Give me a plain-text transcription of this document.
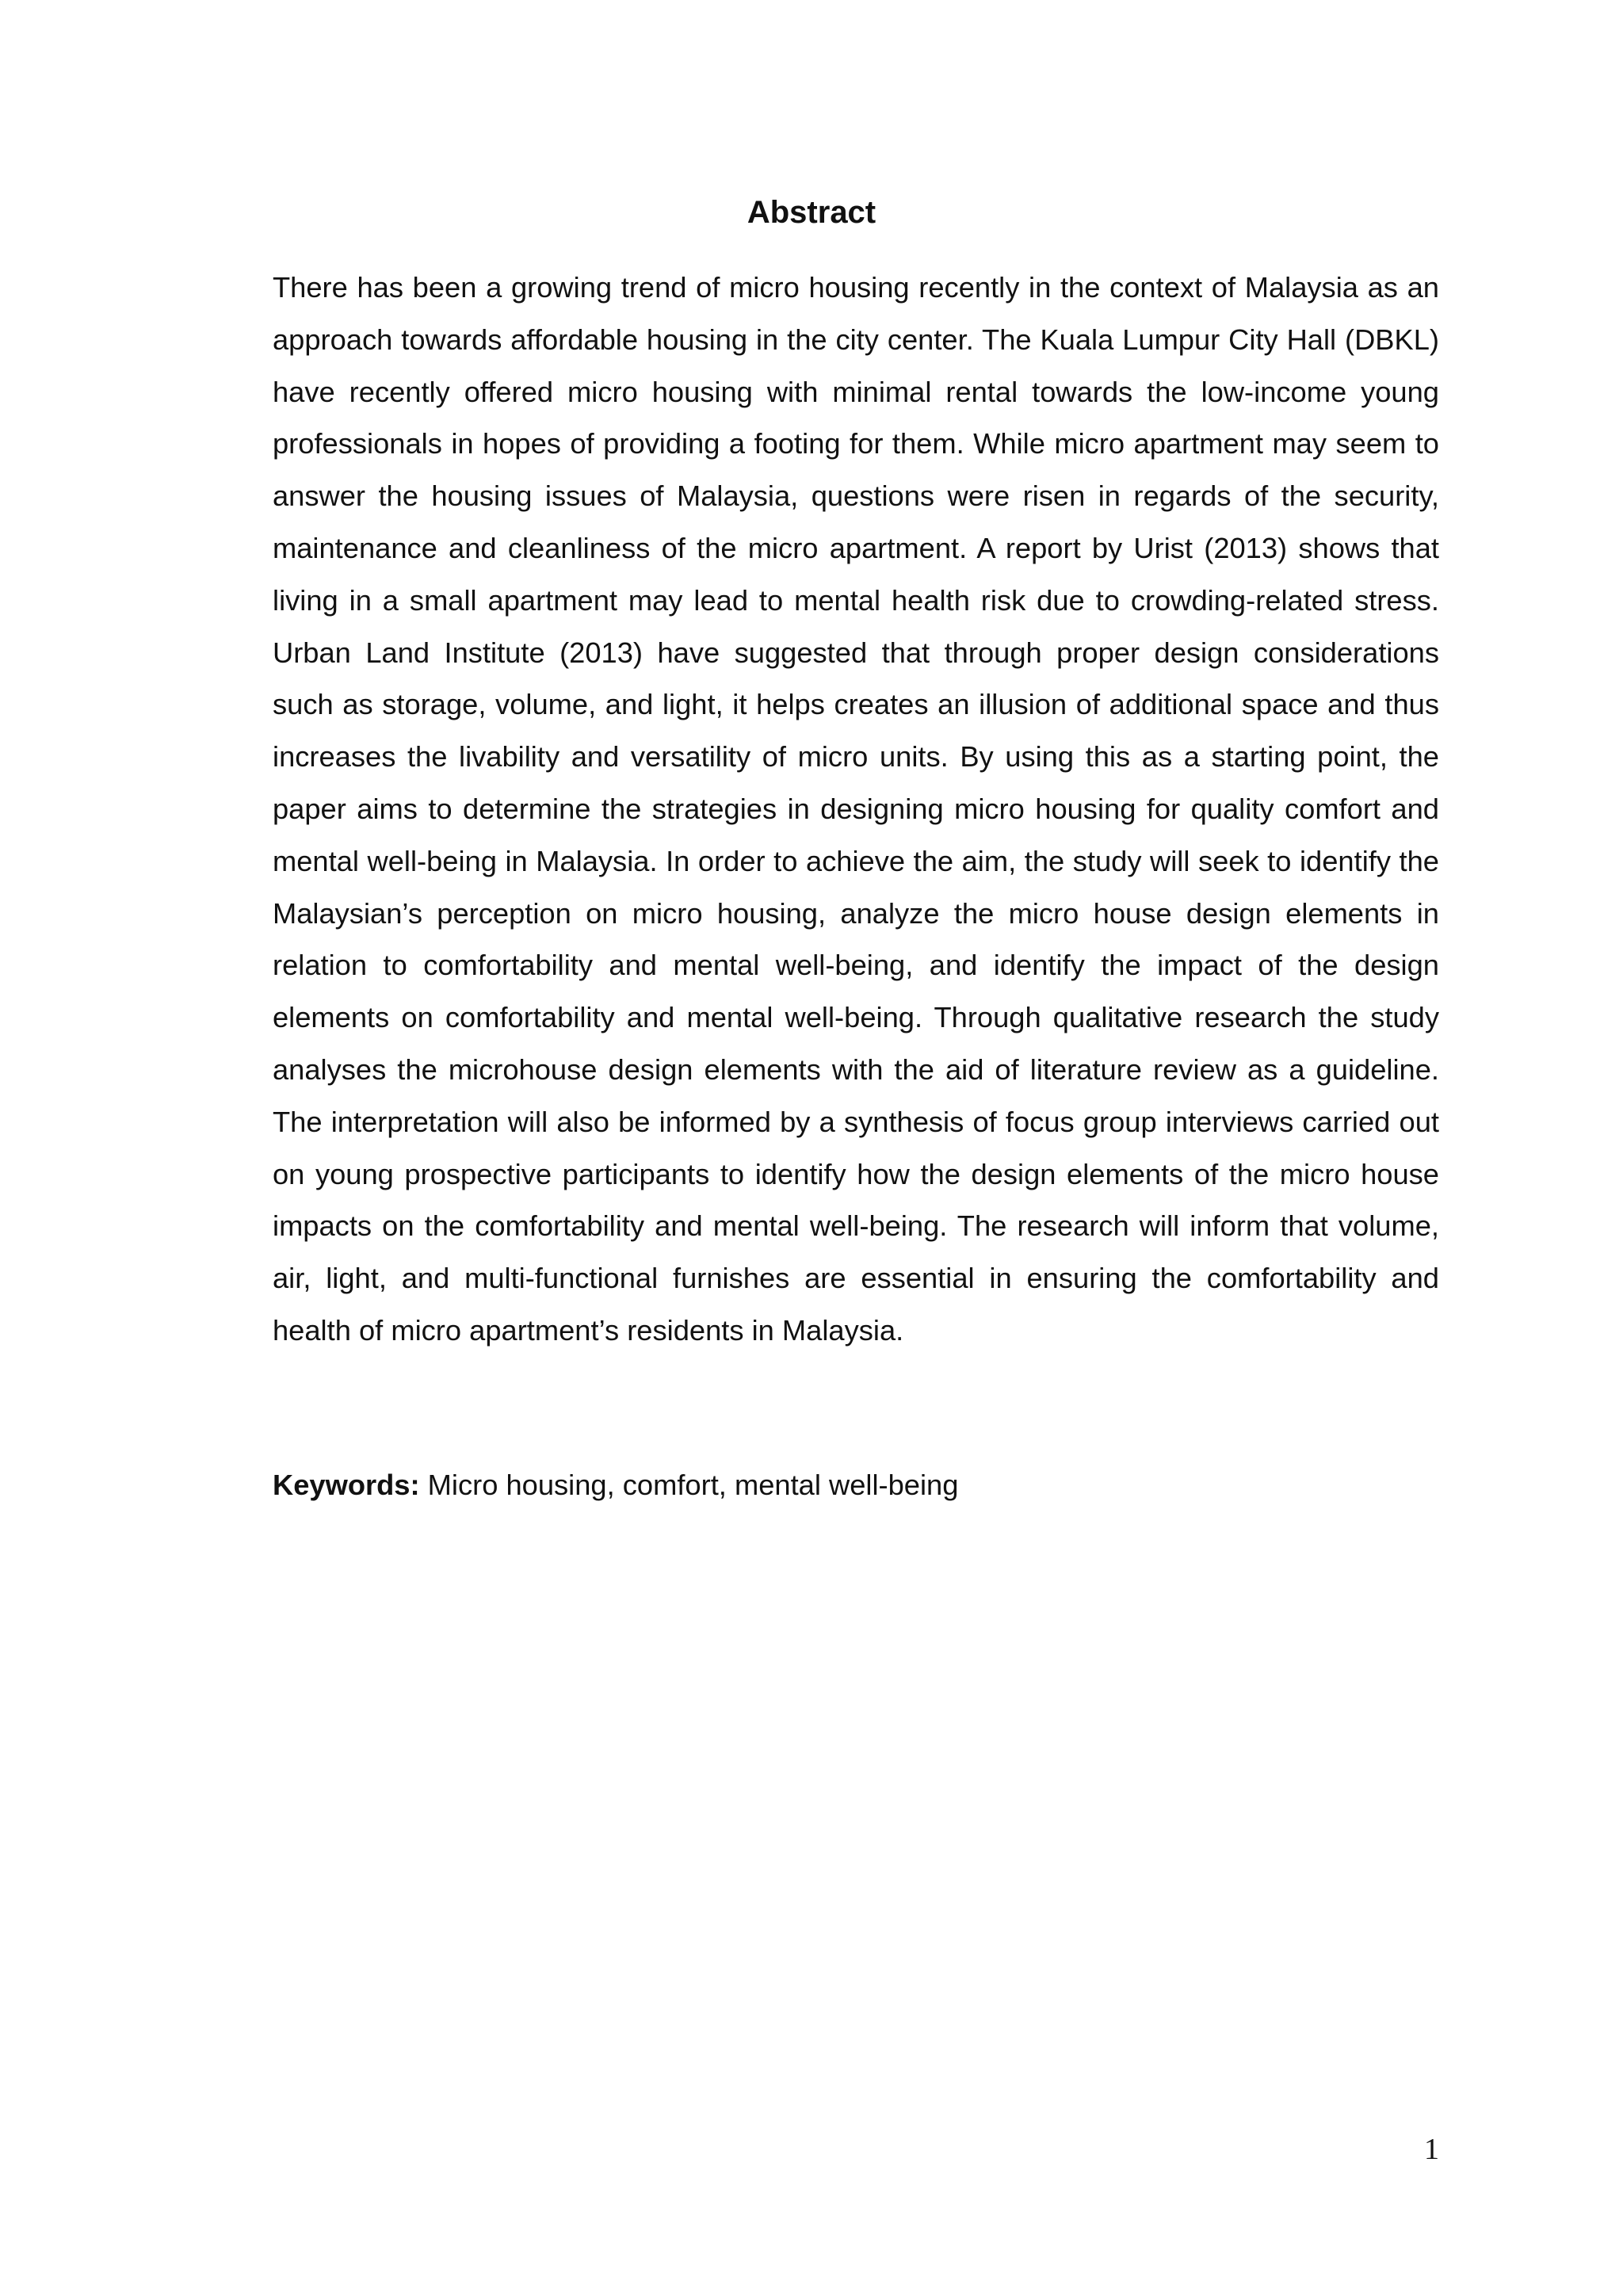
Abstract

There has been a growing trend of micro housing recently in the context of Malaysia as an approach towards affordable housing in the city center. The Kuala Lumpur City Hall (DBKL) have recently offered micro housing with minimal rental towards the low-income young professionals in hopes of providing a footing for them. While micro apartment may seem to answer the housing issues of Malaysia, questions were risen in regards of the security, maintenance and cleanliness of the micro apartment. A report by Urist (2013) shows that living in a small apartment may lead to mental health risk due to crowding-related stress. Urban Land Institute (2013) have suggested that through proper design considerations such as storage, volume, and light, it helps creates an illusion of additional space and thus increases the livability and versatility of micro units. By using this as a starting point, the paper aims to determine the strategies in designing micro housing for quality comfort and mental well-being in Malaysia. In order to achieve the aim, the study will seek to identify the Malaysian’s perception on micro housing, analyze the micro house design elements in relation to comfortability and mental well-being, and identify the impact of the design elements on comfortability and mental well-being. Through qualitative research the study analyses the microhouse design elements with the aid of literature review as a guideline. The interpretation will also be informed by a synthesis of focus group interviews carried out on young prospective participants to identify how the design elements of the micro house impacts on the comfortability and mental well-being. The research will inform that volume, air, light, and multi-functional furnishes are essential in ensuring the comfortability and health of micro apartment’s residents in Malaysia.

Keywords: Micro housing, comfort, mental well-being

1
